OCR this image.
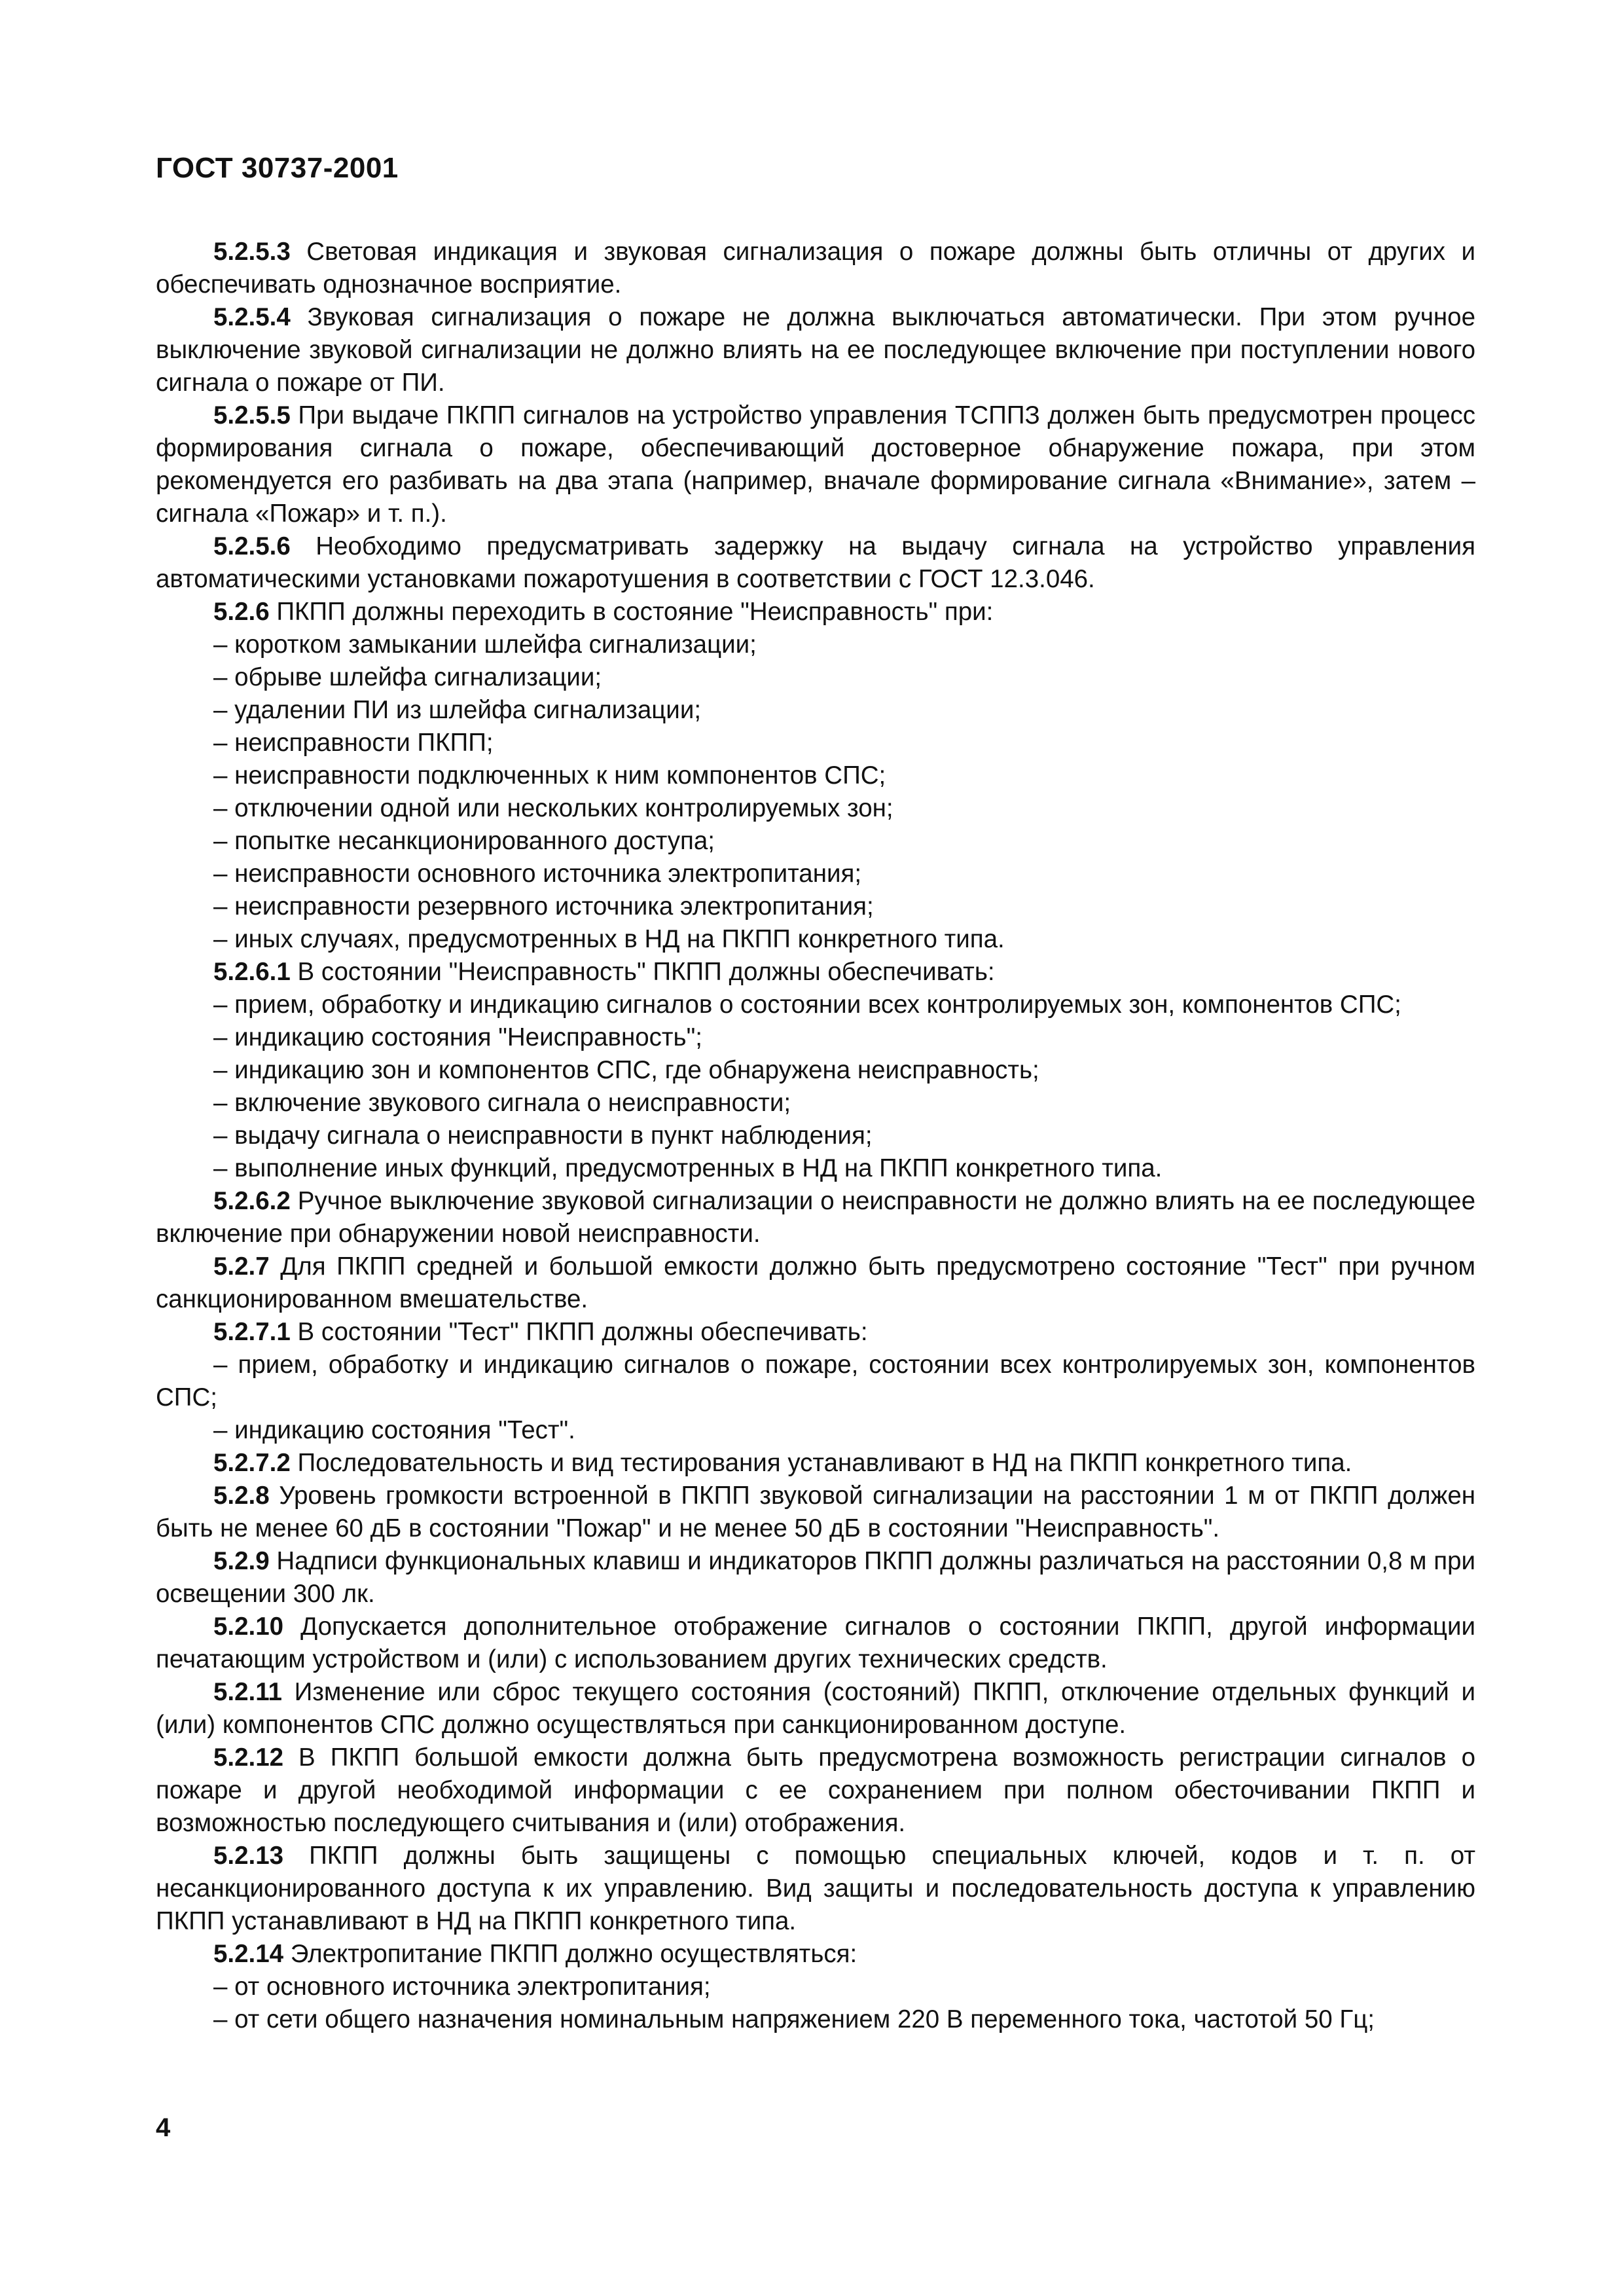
ГОСТ 30737-2001

5.2.5.3 Световая индикация и звуковая сигнализация о пожаре должны быть отличны от других и обеспечивать однозначное восприятие.

5.2.5.4 Звуковая сигнализация о пожаре не должна выключаться автоматически. При этом ручное выключение звуковой сигнализации не должно влиять на ее последующее включение при поступлении нового сигнала о пожаре от ПИ.

5.2.5.5 При выдаче ПКПП сигналов на устройство управления ТСППЗ должен быть предусмотрен процесс формирования сигнала о пожаре, обеспечивающий достоверное обнаружение пожара, при этом рекомендуется его разбивать на два этапа (например, вначале формирование сигнала «Внимание», затем – сигнала «Пожар» и т. п.).

5.2.5.6 Необходимо предусматривать задержку на выдачу сигнала на устройство управления автоматическими установками пожаротушения в соответствии с ГОСТ 12.3.046.

5.2.6 ПКПП должны переходить в состояние "Неисправность" при:

– коротком замыкании шлейфа сигнализации;

– обрыве шлейфа сигнализации;

– удалении ПИ из шлейфа сигнализации;

– неисправности ПКПП;

– неисправности подключенных к ним компонентов СПС;

– отключении одной или нескольких контролируемых зон;

– попытке несанкционированного доступа;

– неисправности основного источника электропитания;

– неисправности резервного источника электропитания;

– иных случаях, предусмотренных в НД на ПКПП конкретного типа.

5.2.6.1 В состоянии "Неисправность" ПКПП должны обеспечивать:

– прием, обработку и индикацию сигналов о состоянии всех контролируемых зон, компонентов СПС;

– индикацию состояния "Неисправность";

– индикацию зон и компонентов СПС, где обнаружена неисправность;

– включение звукового сигнала о неисправности;

– выдачу сигнала о неисправности в пункт наблюдения;

– выполнение иных функций, предусмотренных в НД на ПКПП конкретного типа.

5.2.6.2 Ручное выключение звуковой сигнализации о неисправности не должно влиять на ее последующее включение при обнаружении новой неисправности.

5.2.7 Для ПКПП средней и большой емкости должно быть предусмотрено состояние "Тест" при ручном санкционированном вмешательстве.

5.2.7.1 В состоянии "Тест" ПКПП должны обеспечивать:

– прием, обработку и индикацию сигналов о пожаре, состоянии всех контролируемых зон, компонентов СПС;

– индикацию состояния "Тест".

5.2.7.2 Последовательность и вид тестирования устанавливают в НД на ПКПП конкретного типа.

5.2.8 Уровень громкости встроенной в ПКПП звуковой сигнализации на расстоянии 1 м от ПКПП должен быть не менее 60 дБ в состоянии "Пожар" и не менее 50 дБ в состоянии "Неисправность".

5.2.9 Надписи функциональных клавиш и индикаторов ПКПП должны различаться на расстоянии 0,8 м при освещении 300 лк.

5.2.10 Допускается дополнительное отображение сигналов о состоянии ПКПП, другой информации печатающим устройством и (или) с использованием других технических средств.

5.2.11 Изменение или сброс текущего состояния (состояний) ПКПП, отключение отдельных функций и (или) компонентов СПС должно осуществляться при санкционированном доступе.

5.2.12 В ПКПП большой емкости должна быть предусмотрена возможность регистрации сигналов о пожаре и другой необходимой информации с ее сохранением при полном обесточивании ПКПП и возможностью последующего считывания и (или) отображения.

5.2.13 ПКПП должны быть защищены с помощью специальных ключей, кодов и т. п. от несанкционированного доступа к их управлению. Вид защиты и последовательность доступа к управлению ПКПП устанавливают в НД на ПКПП конкретного типа.

5.2.14 Электропитание ПКПП должно осуществляться:

– от основного источника электропитания;

– от сети общего назначения номинальным напряжением 220 В переменного тока, частотой 50 Гц;

4
